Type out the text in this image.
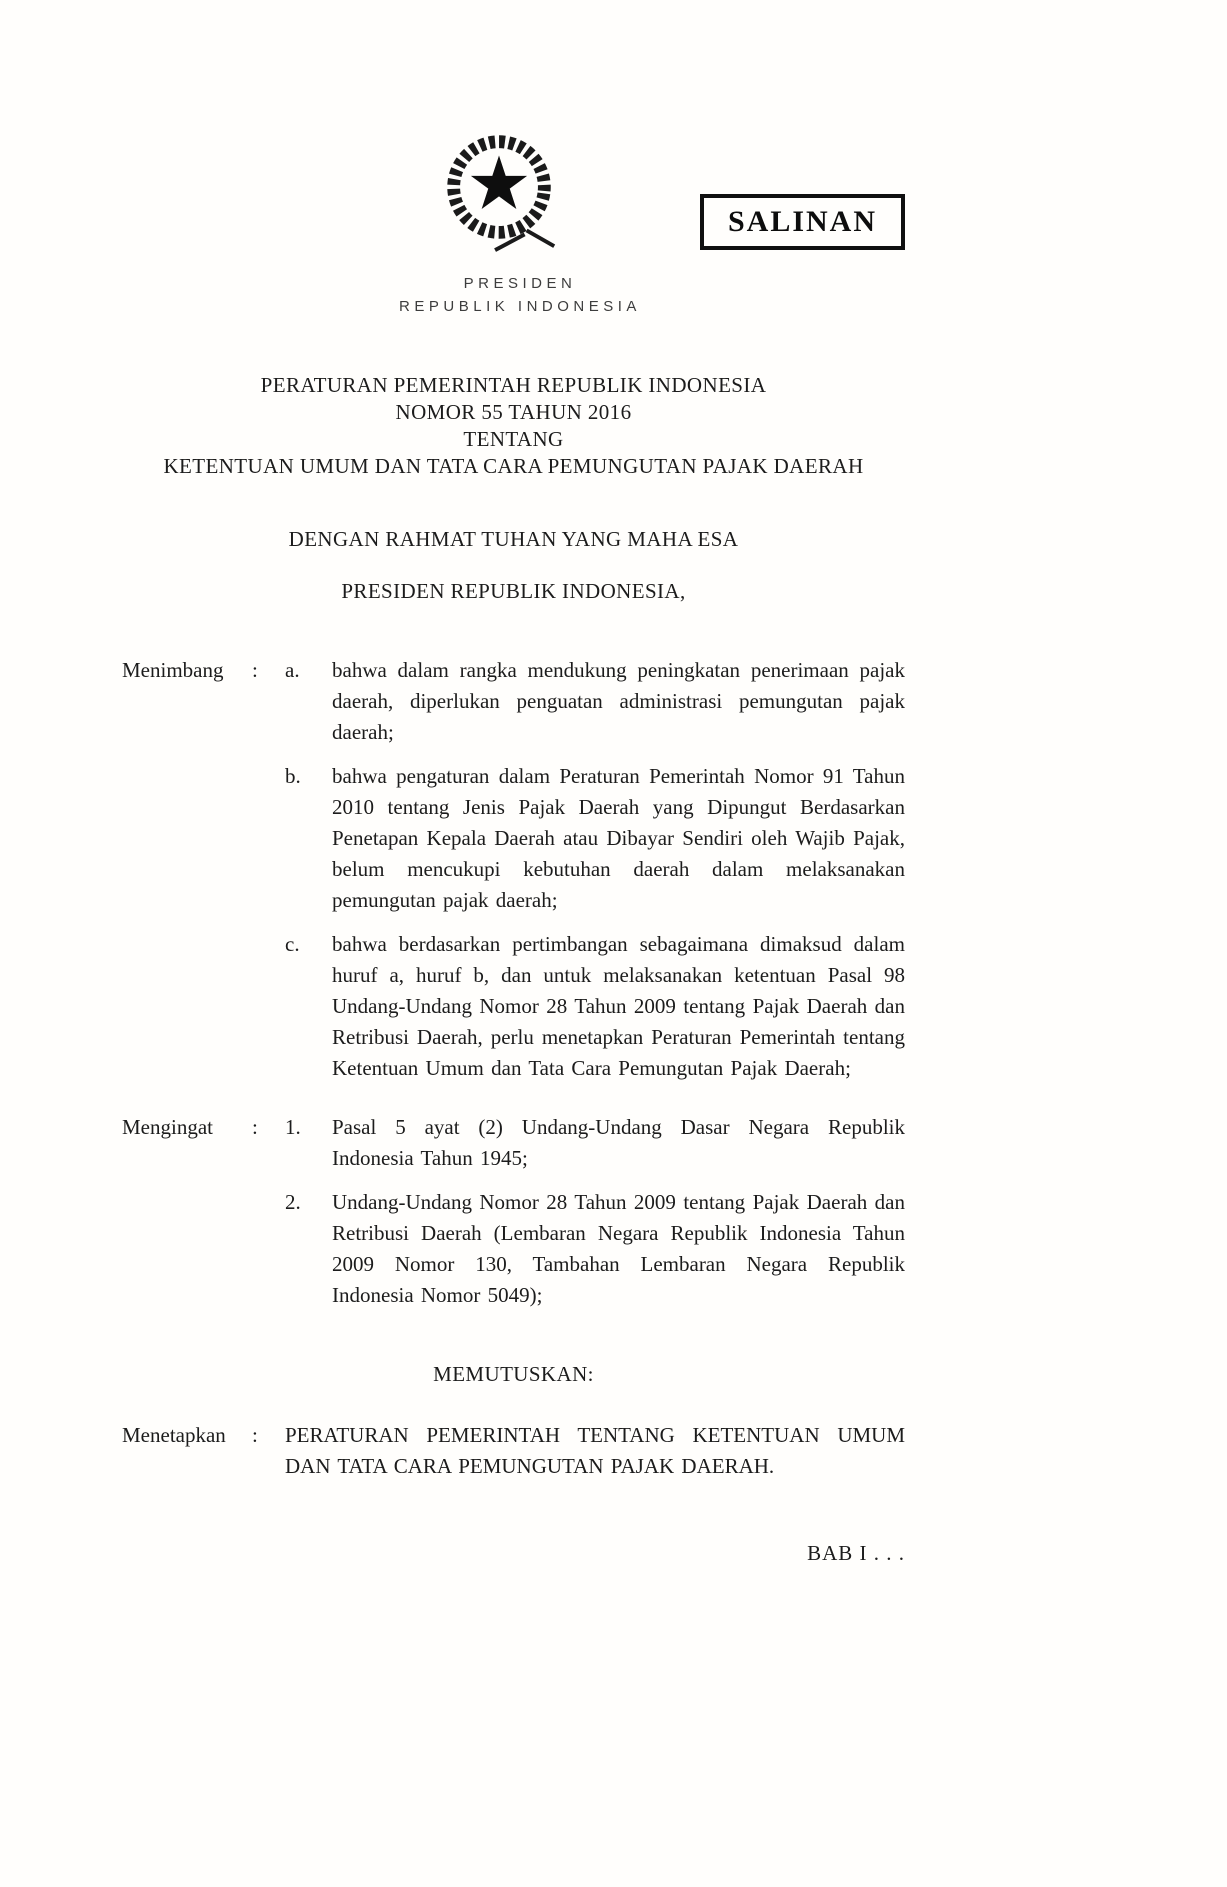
SALINAN
PRESIDEN
REPUBLIK INDONESIA
PERATURAN PEMERINTAH REPUBLIK INDONESIA
NOMOR 55 TAHUN 2016
TENTANG
KETENTUAN UMUM DAN TATA CARA PEMUNGUTAN PAJAK DAERAH
DENGAN RAHMAT TUHAN YANG MAHA ESA
PRESIDEN REPUBLIK INDONESIA,
Menimbang	:	a.	bahwa dalam rangka mendukung peningkatan penerimaan pajak daerah, diperlukan penguatan administrasi pemungutan pajak daerah;
b.	bahwa pengaturan dalam Peraturan Pemerintah Nomor 91 Tahun 2010 tentang Jenis Pajak Daerah yang Dipungut Berdasarkan Penetapan Kepala Daerah atau Dibayar Sendiri oleh Wajib Pajak, belum mencukupi kebutuhan daerah dalam melaksanakan pemungutan pajak daerah;
c.	bahwa berdasarkan pertimbangan sebagaimana dimaksud dalam huruf a, huruf b, dan untuk melaksanakan ketentuan Pasal 98 Undang-Undang Nomor 28 Tahun 2009 tentang Pajak Daerah dan Retribusi Daerah, perlu menetapkan Peraturan Pemerintah tentang Ketentuan Umum dan Tata Cara Pemungutan Pajak Daerah;
Mengingat	:	1.	Pasal 5 ayat (2) Undang-Undang Dasar Negara Republik Indonesia Tahun 1945;
2.	Undang-Undang Nomor 28 Tahun 2009 tentang Pajak Daerah dan Retribusi Daerah (Lembaran Negara Republik Indonesia Tahun 2009 Nomor 130, Tambahan Lembaran Negara Republik Indonesia Nomor 5049);
MEMUTUSKAN:
Menetapkan	:	PERATURAN PEMERINTAH TENTANG KETENTUAN UMUM DAN TATA CARA PEMUNGUTAN PAJAK DAERAH.
BAB I . . .
